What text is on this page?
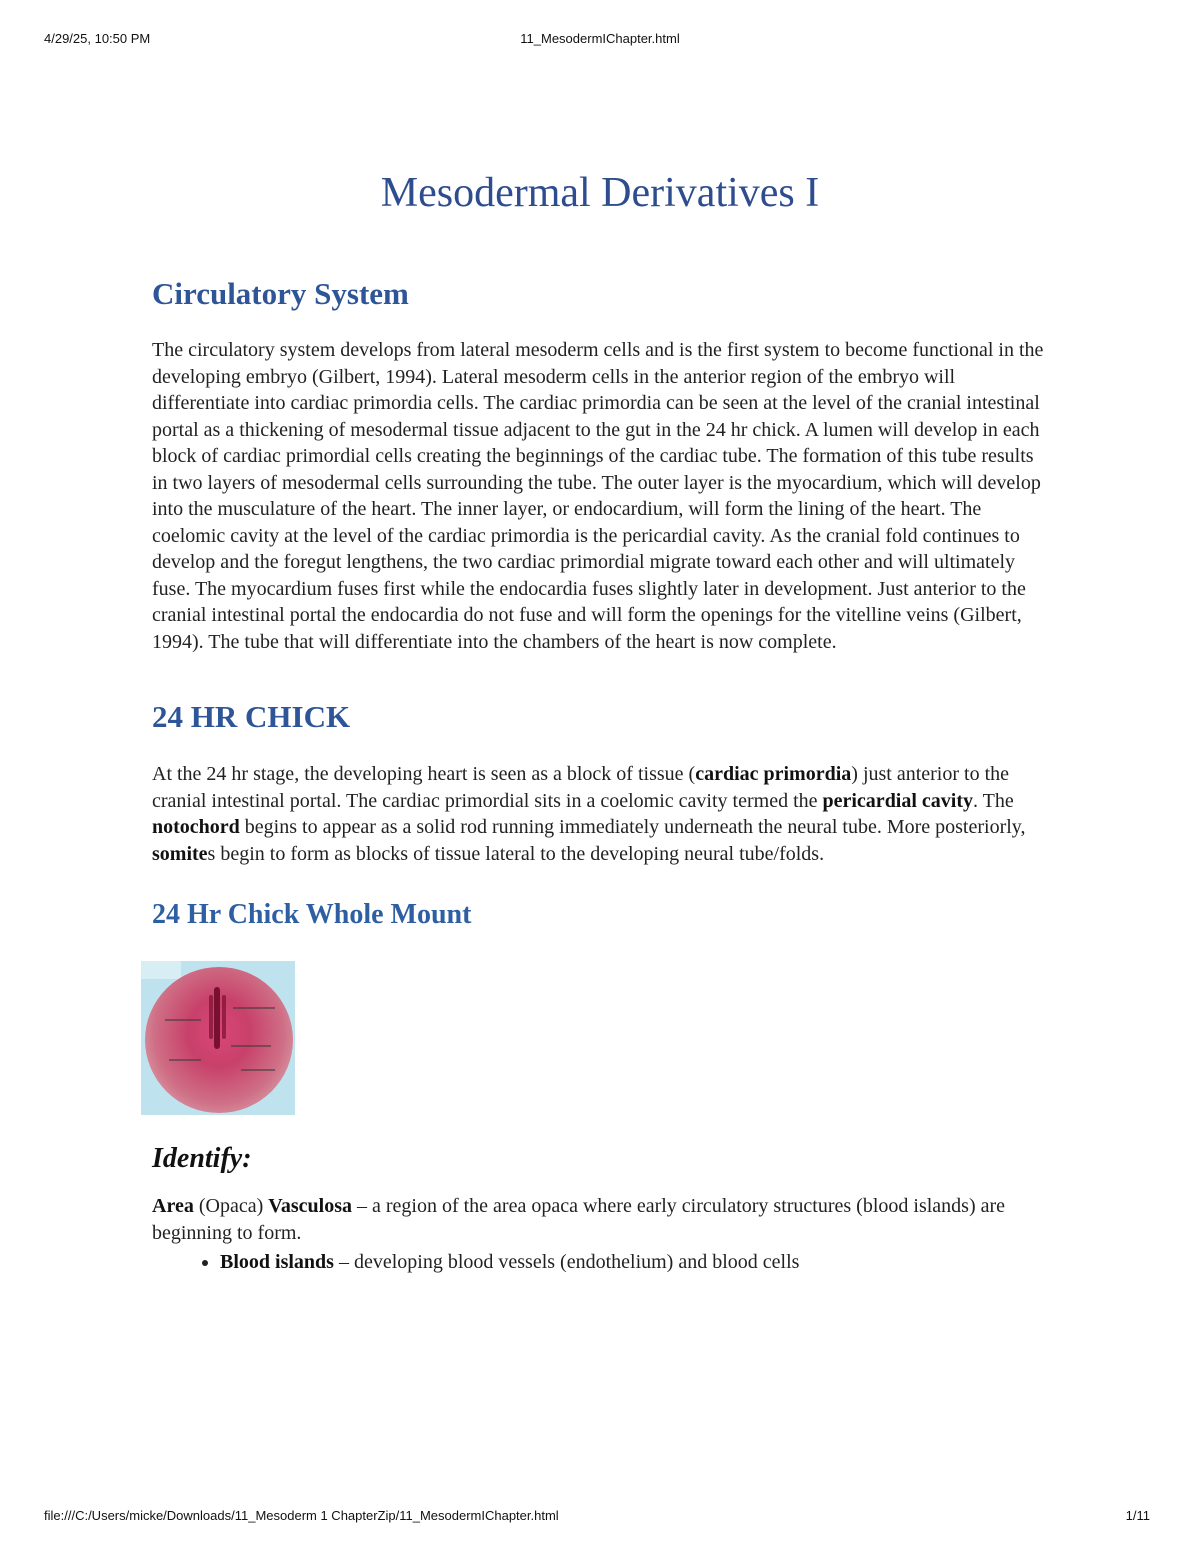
4/29/25, 10:50 PM	11_MesodermIChapter.html
Mesodermal Derivatives I
Circulatory System

The circulatory system develops from lateral mesoderm cells and is the first system to become functional in the developing embryo (Gilbert, 1994). Lateral mesoderm cells in the anterior region of the embryo will differentiate into cardiac primordia cells. The cardiac primordia can be seen at the level of the cranial intestinal portal as a thickening of mesodermal tissue adjacent to the gut in the 24 hr chick. A lumen will develop in each block of cardiac primordial cells creating the beginnings of the cardiac tube. The formation of this tube results in two layers of mesodermal cells surrounding the tube. The outer layer is the myocardium, which will develop into the musculature of the heart. The inner layer, or endocardium, will form the lining of the heart. The coelomic cavity at the level of the cardiac primordia is the pericardial cavity. As the cranial fold continues to develop and the foregut lengthens, the two cardiac primordial migrate toward each other and will ultimately fuse. The myocardium fuses first while the endocardia fuses slightly later in development. Just anterior to the cranial intestinal portal the endocardia do not fuse and will form the openings for the vitelline veins (Gilbert, 1994). The tube that will differentiate into the chambers of the heart is now complete.

24 HR CHICK

At the 24 hr stage, the developing heart is seen as a block of tissue (cardiac primordia) just anterior to the cranial intestinal portal. The cardiac primordial sits in a coelomic cavity termed the pericardial cavity. The notochord begins to appear as a solid rod running immediately underneath the neural tube. More posteriorly, somites begin to form as blocks of tissue lateral to the developing neural tube/folds.

24 Hr Chick Whole Mount
Identify:

Area (Opaca) Vasculosa – a region of the area opaca where early circulatory structures (blood islands) are beginning to form.

• Blood islands – developing blood vessels (endothelium) and blood cells
file:///C:/Users/micke/Downloads/11_Mesoderm 1 ChapterZip/11_MesodermIChapter.html	1/11
